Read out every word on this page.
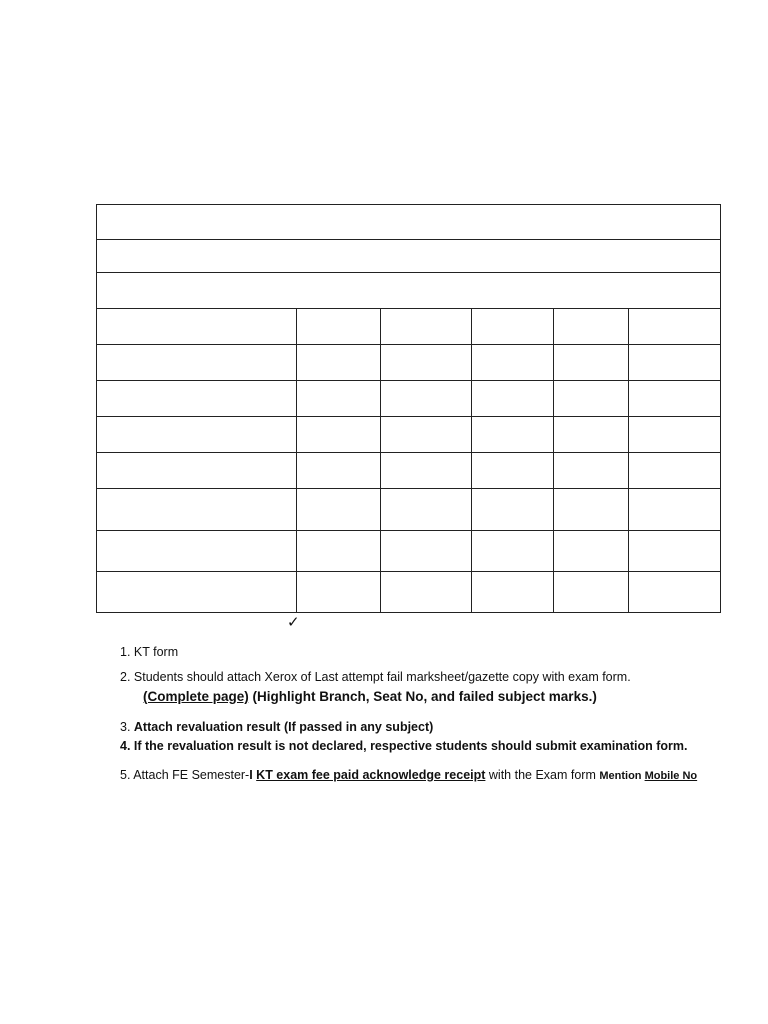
✓
1. KT form
2. Students should attach Xerox of Last attempt fail marksheet/gazette copy with exam form.
(Complete page) (Highlight Branch, Seat No, and failed subject marks.)
3. Attach revaluation result (If passed in any subject)
4. If the revaluation result is not declared, respective students should submit examination form.
5. Attach FE Semester-I KT exam fee paid acknowledge receipt with the Exam form Mention Mobile No
